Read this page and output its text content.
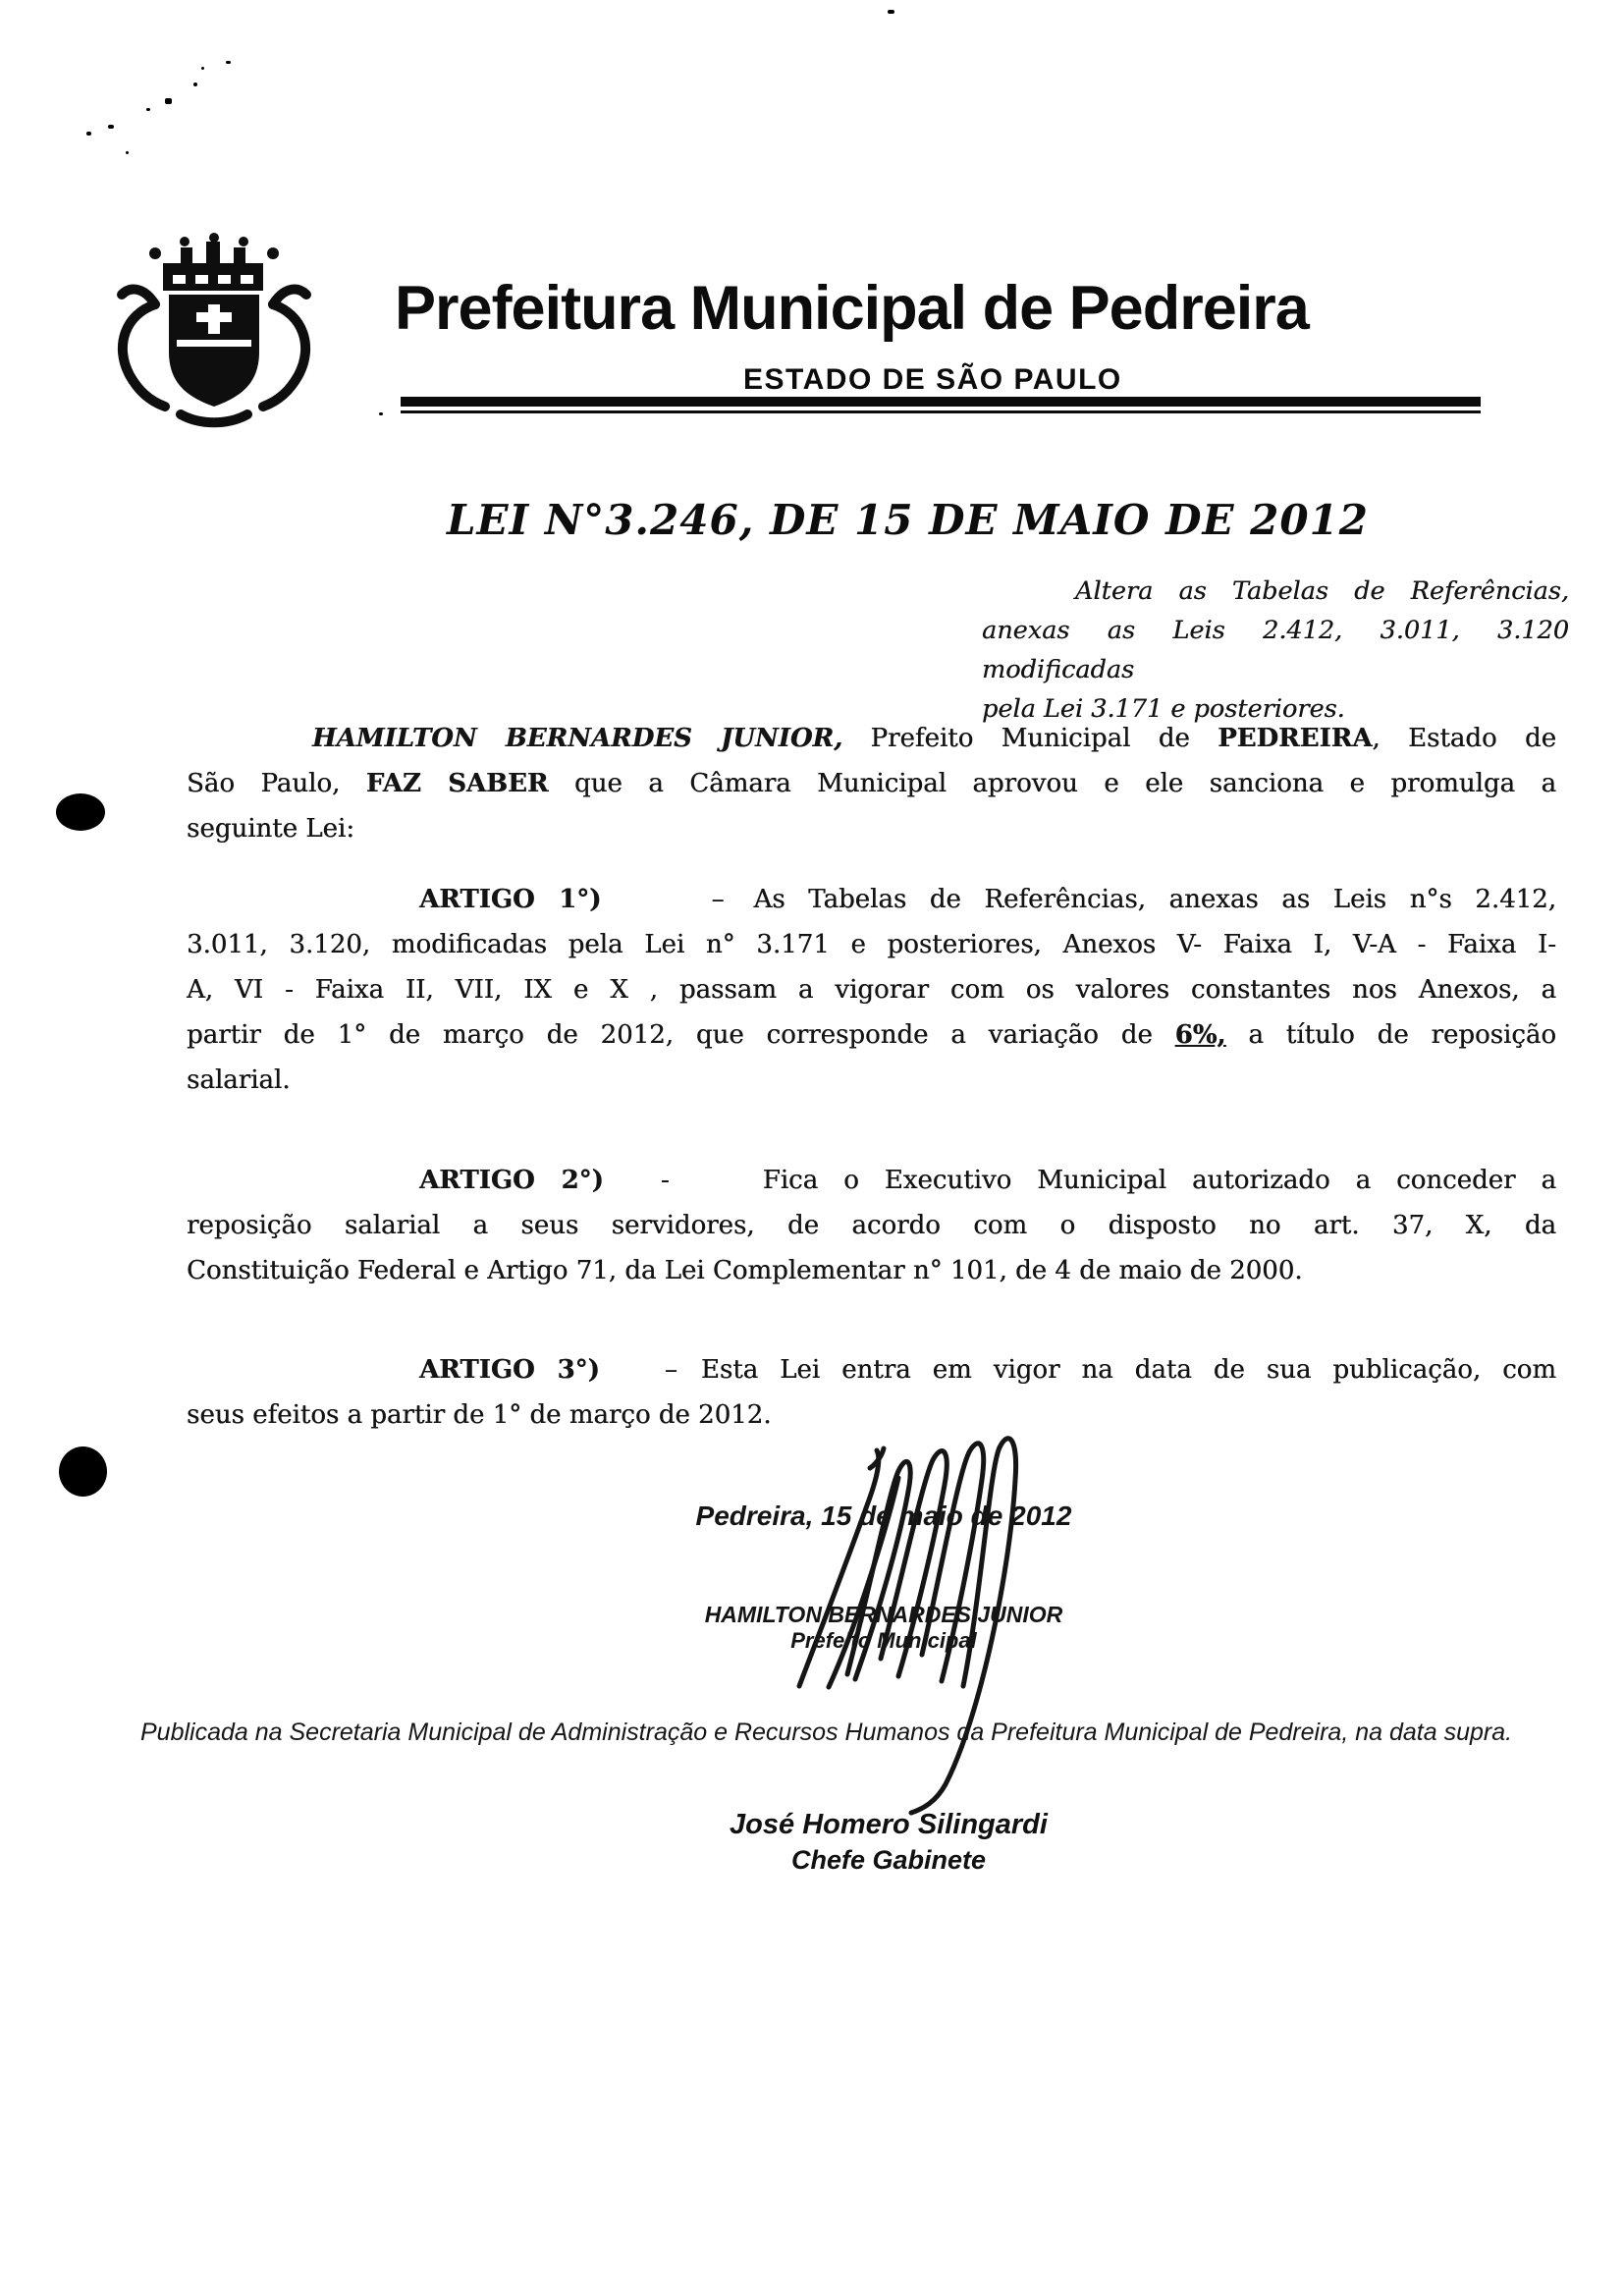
Prefeitura Municipal de Pedreira
ESTADO DE SÃO PAULO
LEI N°3.246, DE 15 DE MAIO DE 2012
Altera as Tabelas de Referências,
anexas as Leis 2.412, 3.011, 3.120 modificadas
pela Lei 3.171 e posteriores.
HAMILTON BERNARDES JUNIOR, Prefeito Municipal de PEDREIRA, Estado de
São Paulo, FAZ SABER que a Câmara Municipal aprovou e ele sanciona e promulga a
seguinte Lei:
ARTIGO 1°)	– As Tabelas de Referências, anexas as Leis n°s 2.412,
3.011, 3.120, modificadas pela Lei n° 3.171 e posteriores, Anexos V- Faixa I, V-A - Faixa I-
A, VI - Faixa II, VII, IX e X , passam a vigorar com os valores constantes nos Anexos, a
partir de 1° de março de 2012, que corresponde a variação de 6%, a título de reposição
salarial.
ARTIGO 2°) -	Fica o Executivo Municipal autorizado a conceder a
reposição salarial a seus servidores, de acordo com o disposto no art. 37, X, da
Constituição Federal e Artigo 71, da Lei Complementar n° 101, de 4 de maio de 2000.
ARTIGO 3°)	– Esta Lei entra em vigor na data de sua publicação, com
seus efeitos a partir de 1° de março de 2012.
Pedreira, 15 de maio de 2012
HAMILTON BERNARDES JUNIOR
Prefeito Municipal
Publicada na Secretaria Municipal de Administração e Recursos Humanos da Prefeitura Municipal de Pedreira, na data supra.
José Homero Silingardi
Chefe Gabinete
